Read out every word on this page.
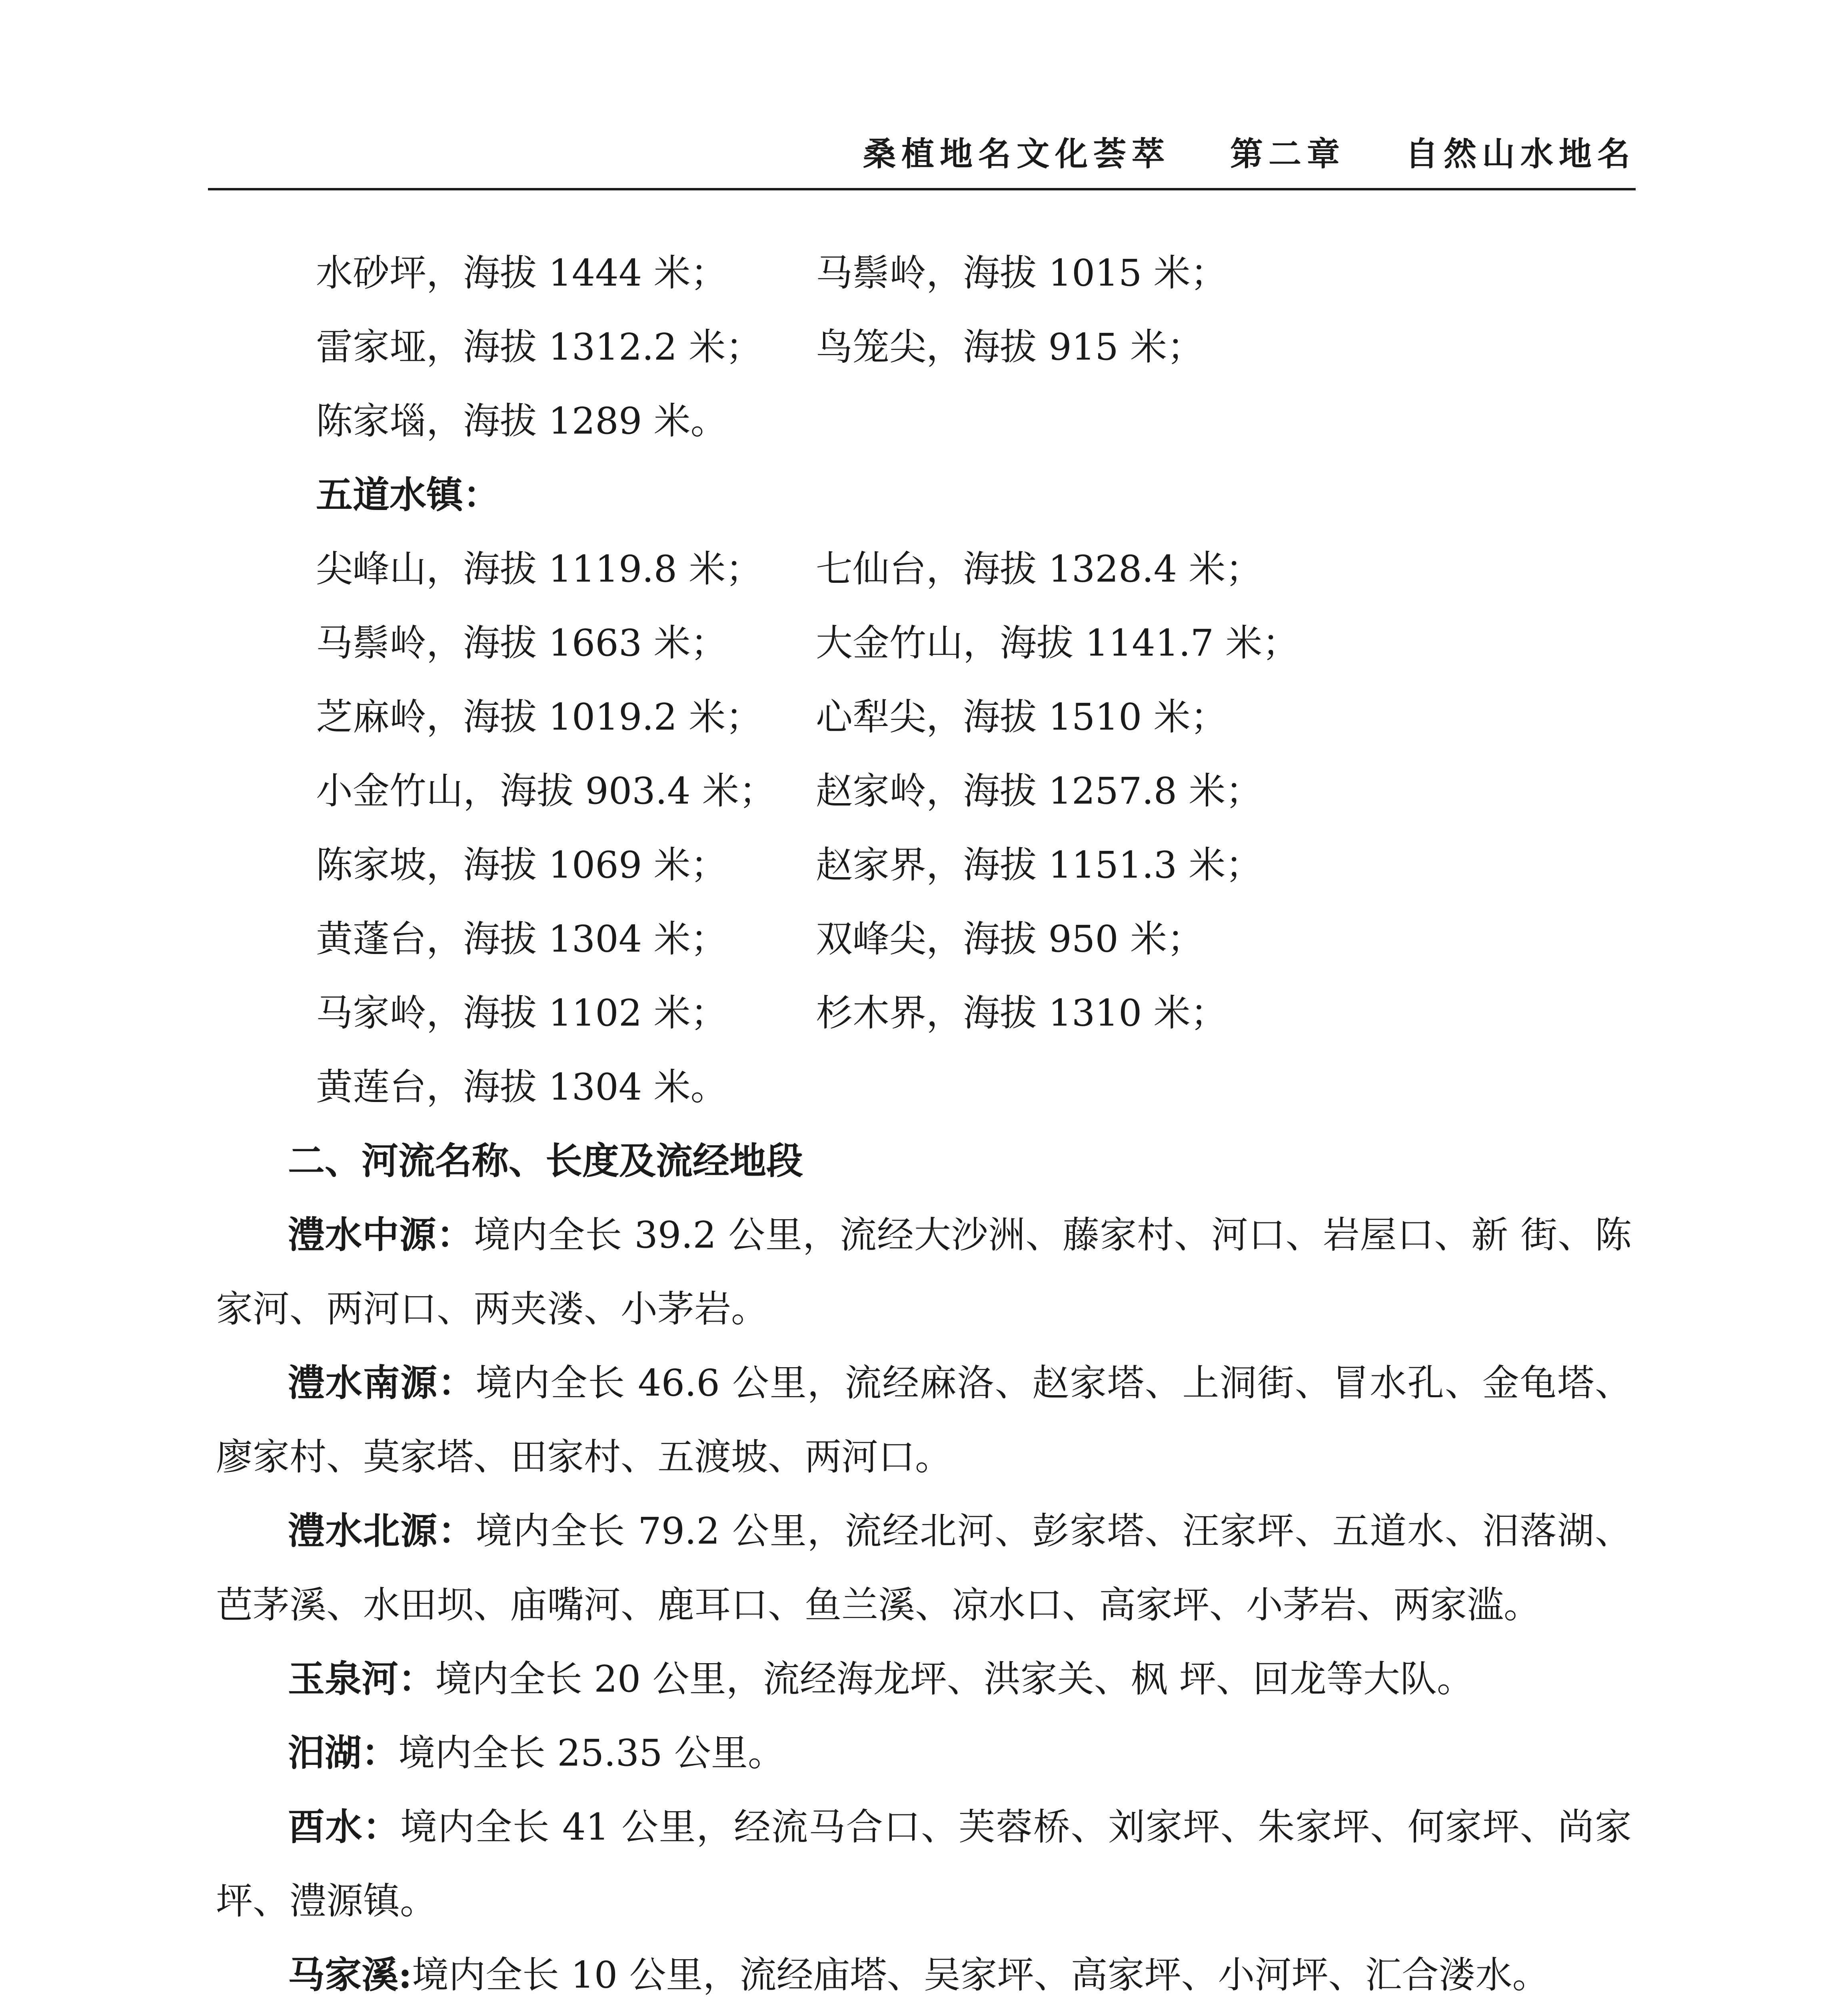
桑植地名文化荟萃 第二章 自然山水地名
水砂坪，海拔 1444 米； 马鬃岭，海拔 1015 米；
雷家垭，海拔 1312.2 米； 鸟笼尖，海拔 915 米；
陈家堖，海拔 1289 米。
五道水镇：
尖峰山，海拔 1119.8 米； 七仙台，海拔 1328.4 米；
马鬃岭，海拔 1663 米； 大金竹山，海拔 1141.7 米；
芝麻岭，海拔 1019.2 米； 心犁尖，海拔 1510 米；
小金竹山，海拔 903.4 米； 赵家岭，海拔 1257.8 米；
陈家坡，海拔 1069 米； 赵家界，海拔 1151.3 米；
黄蓬台，海拔 1304 米； 双峰尖，海拔 950 米；
马家岭，海拔 1102 米； 杉木界，海拔 1310 米；
黄莲台，海拔 1304 米。
二、河流名称、长度及流经地段

澧水中源：境内全长 39.2 公里，流经大沙洲、藤家村、河口、岩屋口、新 街、陈家河、两河口、两夹溇、小茅岩。

澧水南源：境内全长 46.6 公里，流经麻洛、赵家塔、上洞街、冒水孔、金龟塔、廖家村、莫家塔、田家村、五渡坡、两河口。

澧水北源：境内全长 79.2 公里，流经北河、彭家塔、汪家坪、五道水、汨落湖、芭茅溪、水田坝、庙嘴河、鹿耳口、鱼兰溪、凉水口、高家坪、小茅岩、两家滥。

玉泉河：境内全长 20 公里，流经海龙坪、洪家关、枫 坪、回龙等大队。

汨湖：境内全长 25.35 公里。

酉水：境内全长 41 公里，经流马合口、芙蓉桥、刘家坪、朱家坪、何家坪、尚家坪、澧源镇。

马家溪:境内全长 10 公里，流经庙塔、吴家坪、高家坪、小河坪、汇合溇水。
